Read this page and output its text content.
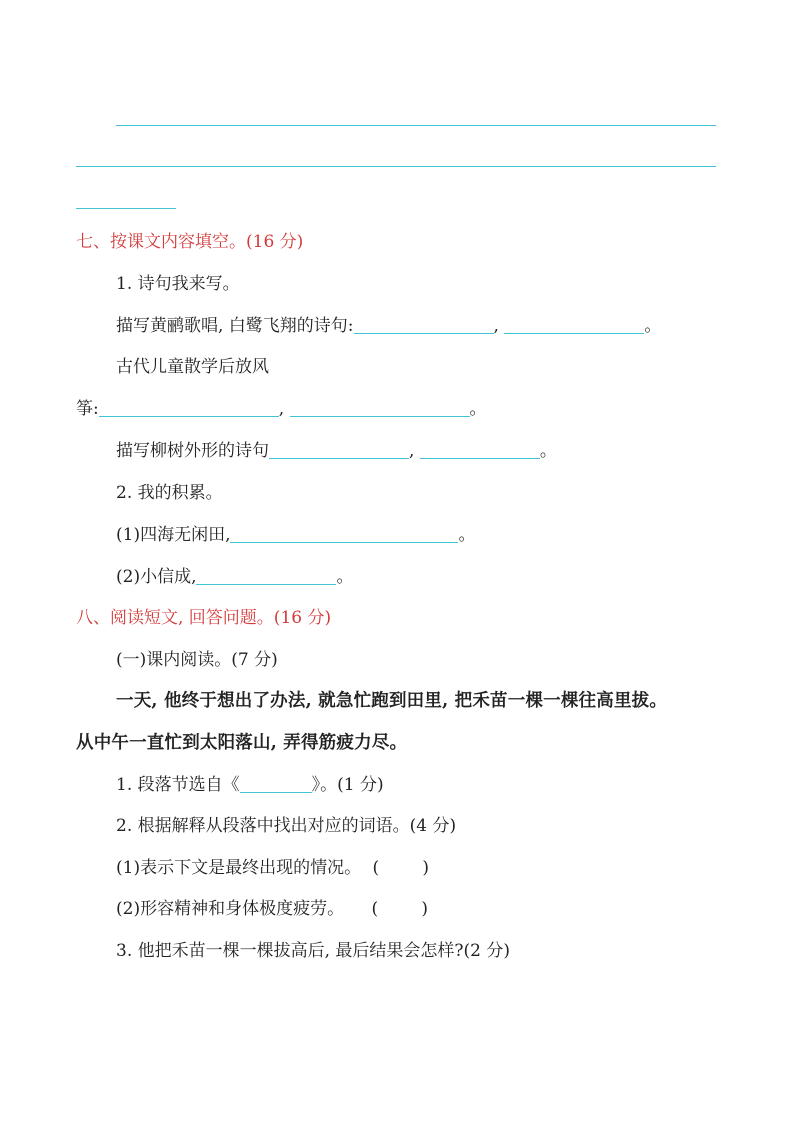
七、按课文内容填空。(16 分)
1. 诗句我来写。
描写黄鹂歌唱, 白鹭飞翔的诗句:	,	。
古代儿童散学后放风
筝:	,	。
描写柳树外形的诗句	,	。
2. 我的积累。
(1)四海无闲田,	。
(2)小信成,	。
八、阅读短文, 回答问题。(16 分)
(一)课内阅读。(7 分)
一天, 他终于想出了办法, 就急忙跑到田里, 把禾苗一棵一棵往高里拔。
从中午一直忙到太阳落山, 弄得筋疲力尽。
1. 段落节选自《	》。(1 分)
2. 根据解释从段落中找出对应的词语。(4 分)
(1)表示下文是最终出现的情况。 (        )
(2)形容精神和身体极度疲劳。 (        )
3. 他把禾苗一棵一棵拔高后, 最后结果会怎样?(2 分)
